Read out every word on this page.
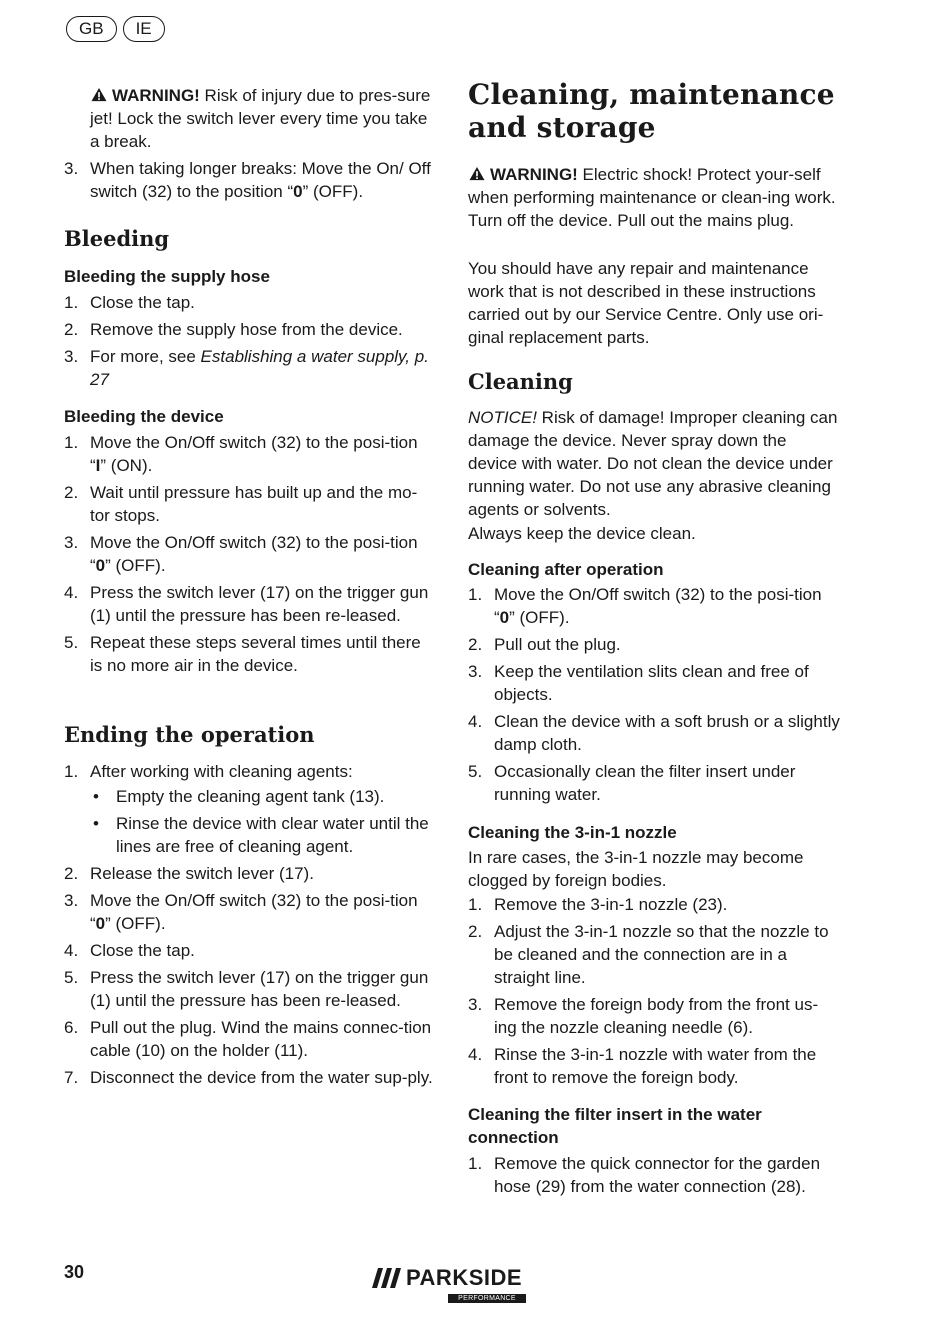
GB	IE

WARNING! Risk of injury due to pres-sure jet! Lock the switch lever every time you take a break.

3. When taking longer breaks: Move the On/ Off switch (32) to the position “0” (OFF).
Bleeding
Bleeding the supply hose
1. Close the tap.
2. Remove the supply hose from the device.
3. For more, see Establishing a water supply, p. 27
Bleeding the device
1. Move the On/Off switch (32) to the posi-tion “I” (ON).
2. Wait until pressure has built up and the mo-tor stops.
3. Move the On/Off switch (32) to the posi-tion “0” (OFF).
4. Press the switch lever (17) on the trigger gun (1) until the pressure has been re-leased.
5. Repeat these steps several times until there is no more air in the device.
Ending the operation
1. After working with cleaning agents:
• Empty the cleaning agent tank (13).
• Rinse the device with clear water until the lines are free of cleaning agent.
2. Release the switch lever (17).
3. Move the On/Off switch (32) to the posi-tion “0” (OFF).
4. Close the tap.
5. Press the switch lever (17) on the trigger gun (1) until the pressure has been re-leased.
6. Pull out the plug. Wind the mains connec-tion cable (10) on the holder (11).
7. Disconnect the device from the water sup-ply.
Cleaning, maintenance and storage

WARNING! Electric shock! Protect your-self when performing maintenance or clean-ing work. Turn off the device. Pull out the mains plug.

You should have any repair and maintenance work that is not described in these instructions carried out by our Service Centre. Only use ori-ginal replacement parts.

Cleaning

NOTICE! Risk of damage! Improper cleaning can damage the device. Never spray down the device with water. Do not clean the device under running water. Do not use any abrasive cleaning agents or solvents.

Always keep the device clean.

Cleaning after operation
1. Move the On/Off switch (32) to the posi-tion “0” (OFF).
2. Pull out the plug.
3. Keep the ventilation slits clean and free of objects.
4. Clean the device with a soft brush or a slightly damp cloth.
5. Occasionally clean the filter insert under running water.
Cleaning the 3-in-1 nozzle

In rare cases, the 3-in-1 nozzle may become clogged by foreign bodies.

1. Remove the 3-in-1 nozzle (23).
2. Adjust the 3-in-1 nozzle so that the nozzle to be cleaned and the connection are in a straight line.
3. Remove the foreign body from the front us-ing the nozzle cleaning needle (6).
4. Rinse the 3-in-1 nozzle with water from the front to remove the foreign body.
Cleaning the filter insert in the water connection
1. Remove the quick connector for the garden hose (29) from the water connection (28).
30	PARKSIDE
PERFORMANCE
